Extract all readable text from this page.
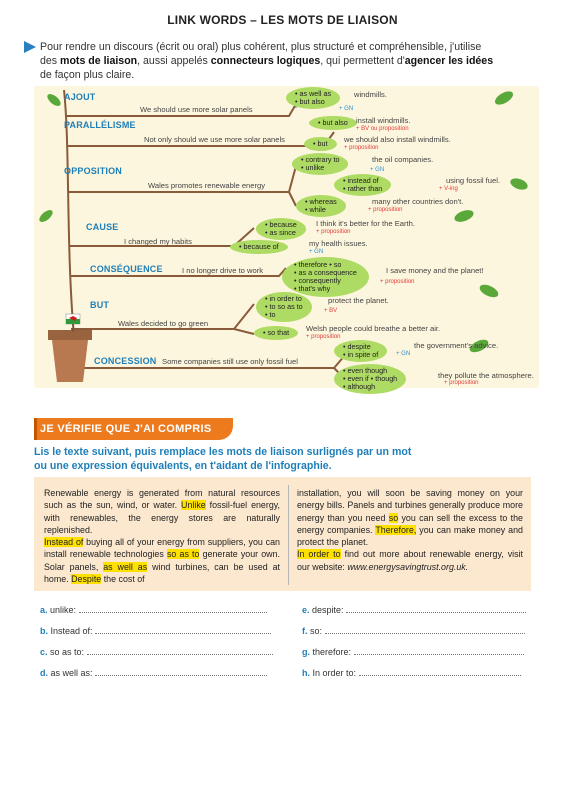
LINK WORDS – LES MOTS DE LIAISON
Pour rendre un discours (écrit ou oral) plus cohérent, plus structuré et compréhensible, j'utilise
des mots de liaison, aussi appelés connecteurs logiques, qui permettent d'agencer les idées
de façon plus claire.
AJOUT
We should use more solar panels
• as well as
• but also
+ GN
windmills.
PARALLÉLISME	• but also	install windmills.
+ BV ou proposition
Not only should we use more solar panels	• but	we should also install windmills.
+ proposition
OPPOSITION
Wales promotes renewable energy
• contrary to
• unlike
the oil companies.
+ GN
• instead of
• rather than
using fossil fuel.
+ V-ing
• whereas
• while
many other countries don't.
+ proposition
CAUSE	• because
• as since
I think it's better for the Earth.
+ proposition
I changed my habits
• because of	my health issues.
+ GN
CONSÉQUENCE	I no longer drive to work
• therefore • so
• as a consequence
• consequently
• that's why
I save money and the planet!
+ proposition
BUT
• in order to
• to so as to
• to
protect the planet.
+ BV
Wales decided to go green
• so that	Welsh people could breathe a better air.
+ proposition
CONCESSION Some companies still use only fossil fuel
• despite
• in spite of
the government's advice.
+ GN
• even though
• even if • though
• although
they pollute the atmosphere.
+ proposition
JE VÉRIFIE QUE J'AI COMPRIS
Lis le texte suivant, puis remplace les mots de liaison surlignés par un mot
ou une expression équivalents, en t'aidant de l'infographie.

Renewable energy is generated from natural resources such as the sun, wind, or water. Unlike fossil-fuel energy, with renewables, the energy stores are naturally replenished.

Instead of buying all of your energy from suppliers, you can install renewable technologies so as to generate your own. Solar panels, as well as wind turbines, can be used at home. Despite the cost of

installation, you will soon be saving money on your energy bills. Panels and turbines generally produce more energy than you need so you can sell the excess to the energy companies. Therefore, you can make money and protect the planet.

In order to find out more about renewable energy, visit our website: www.energysavingtrust.org.uk.

a. unlike:
b. Instead of:
c. so as to:
d. as well as:
e. despite:
f. so:
g. therefore:
h. In order to:
